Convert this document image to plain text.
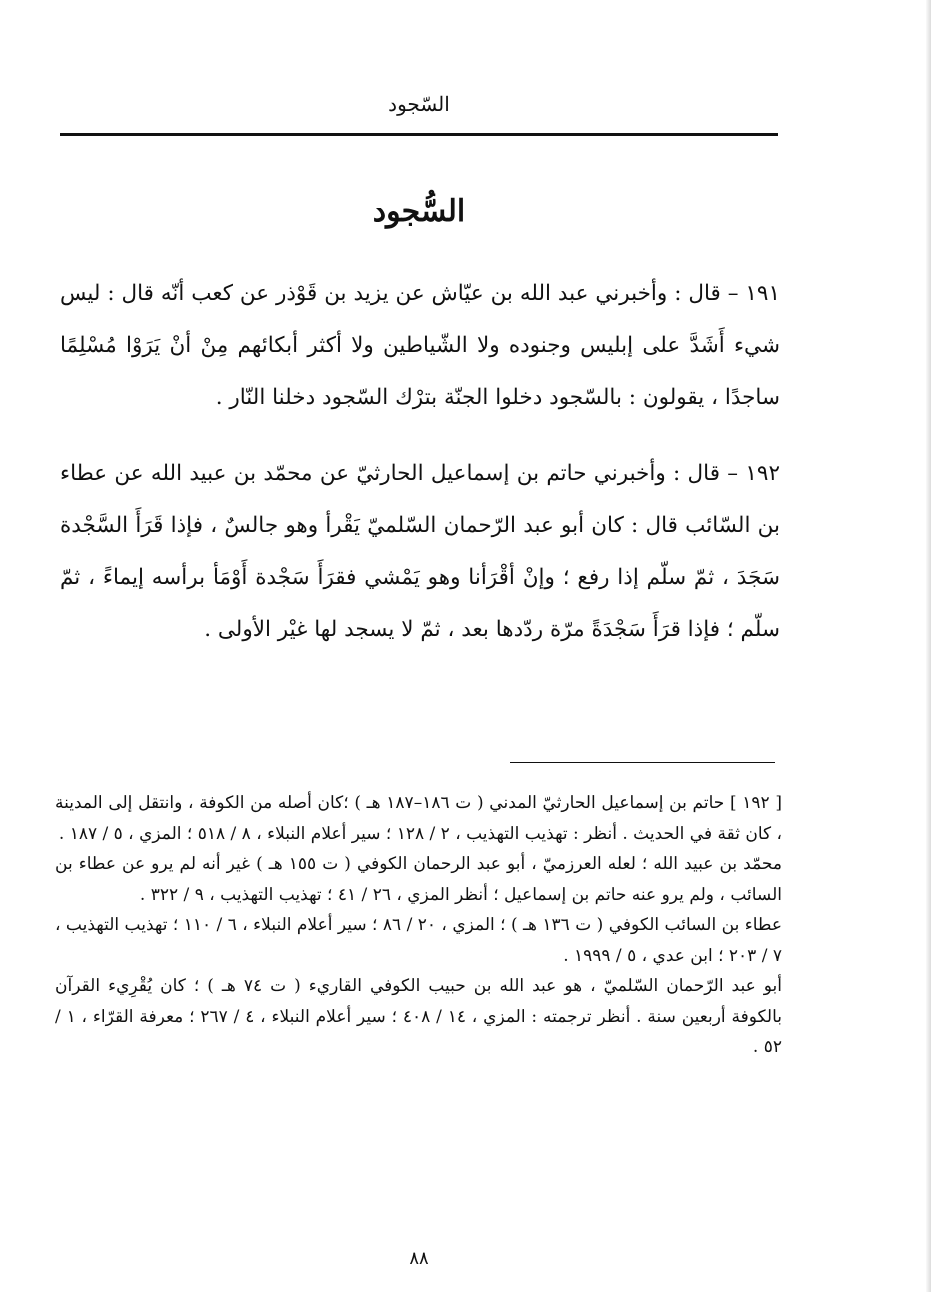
السّجود
السُّجود

١٩١ – قال : وأخبرني عبد الله بن عيّاش عن يزيد بن قَوْذر عن كعب أنّه قال : ليس شيء أَشَدَّ على إبليس وجنوده ولا الشّياطين ولا أكثر أبكائهم مِنْ أنْ يَرَوْا مُسْلِمًا ساجدًا ، يقولون : بالسّجود دخلوا الجنّة بترْك السّجود دخلنا النّار .

١٩٢ – قال : وأخبرني حاتم بن إسماعيل الحارثيّ عن محمّد بن عبيد الله عن عطاء بن السّائب قال : كان أبو عبد الرّحمان السّلميّ يَقْرأ وهو جالسٌ ، فإذا قَرَأَ السَّجْدة سَجَدَ ، ثمّ سلّم إذا رفع ؛ وإنْ أقْرَأنا وهو يَمْشي فقرَأَ سَجْدة أَوْمَأ برأسه إيماءً ، ثمّ سلّم ؛ فإذا قرَأَ سَجْدَةً مرّة ردّدها بعد ، ثمّ لا يسجد لها غيْر الأولى .

[ ١٩٢ ] حاتم بن إسماعيل الحارثيّ المدني ( ت ١٨٦–١٨٧ هـ ) ؛كان أصله من الكوفة ، وانتقل إلى المدينة ، كان ثقة في الحديث . أنظر : تهذيب التهذيب ، ٢ / ١٢٨ ؛ سير أعلام النبلاء ، ٨ / ٥١٨ ؛ المزي ، ٥ / ١٨٧ .

محمّد بن عبيد الله ؛ لعله العرزميّ ، أبو عبد الرحمان الكوفي ( ت ١٥٥ هـ ) غير أنه لم يرو عن عطاء بن السائب ، ولم يرو عنه حاتم بن إسماعيل ؛ أنظر المزي ، ٢٦ / ٤١ ؛ تهذيب التهذيب ، ٩ / ٣٢٢ .

عطاء بن السائب الكوفي ( ت ١٣٦ هـ ) ؛ المزي ، ٢٠ / ٨٦ ؛ سير أعلام النبلاء ، ٦ / ١١٠ ؛ تهذيب التهذيب ، ٧ / ٢٠٣ ؛ ابن عدي ، ٥ / ١٩٩٩ .

أبو عبد الرّحمان السّلميّ ، هو عبد الله بن حبيب الكوفي القاريء ( ت ٧٤ هـ ) ؛ كان يُقْرِيء القرآن بالكوفة أربعين سنة . أنظر ترجمته : المزي ، ١٤ / ٤٠٨ ؛ سير أعلام النبلاء ، ٤ / ٢٦٧ ؛ معرفة القرّاء ، ١ / ٥٢ .

٨٨
